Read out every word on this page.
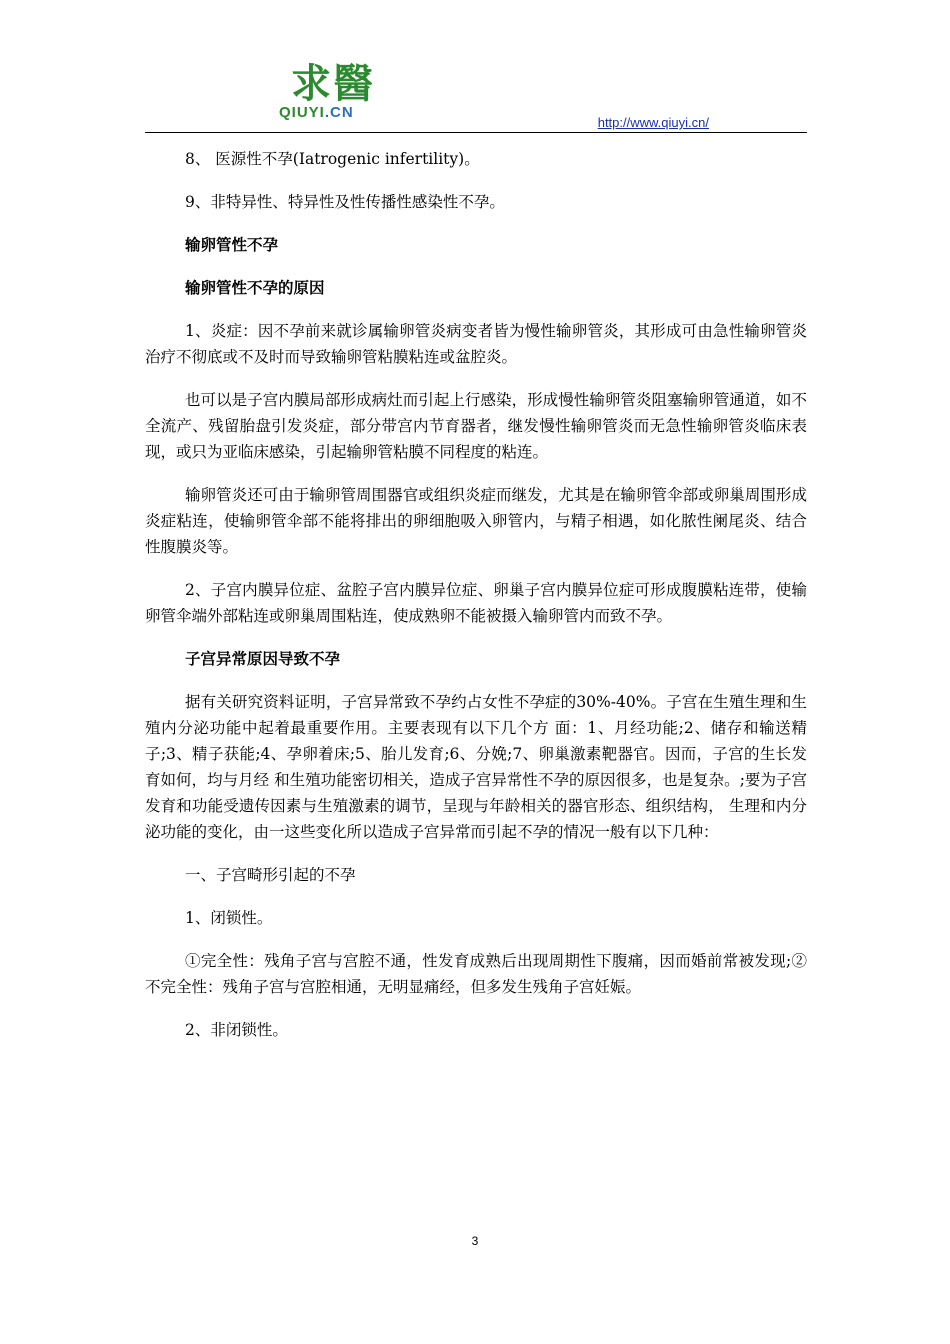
求醫
QIUYI.CN
http://www.qiuyi.cn/

8、 医源性不孕(Iatrogenic infertility)。

9、非特异性、特异性及性传播性感染性不孕。

输卵管性不孕

输卵管性不孕的原因

1、炎症：因不孕前来就诊属输卵管炎病变者皆为慢性输卵管炎，其形成可由急性输卵管炎治疗不彻底或不及时而导致输卵管粘膜粘连或盆腔炎。

也可以是子宫内膜局部形成病灶而引起上行感染，形成慢性输卵管炎阻塞输卵管通道，如不全流产、残留胎盘引发炎症，部分带宫内节育器者，继发慢性输卵管炎而无急性输卵管炎临床表现，或只为亚临床感染，引起输卵管粘膜不同程度的粘连。

输卵管炎还可由于输卵管周围器官或组织炎症而继发，尤其是在输卵管伞部或卵巢周围形成炎症粘连，使输卵管伞部不能将排出的卵细胞吸入卵管内，与精子相遇，如化脓性阑尾炎、结合性腹膜炎等。

2、子宫内膜异位症、盆腔子宫内膜异位症、卵巢子宫内膜异位症可形成腹膜粘连带，使输卵管伞端外部粘连或卵巢周围粘连，使成熟卵不能被摄入输卵管内而致不孕。

子宫异常原因导致不孕

据有关研究资料证明，子宫异常致不孕约占女性不孕症的30%-40%。子宫在生殖生理和生殖内分泌功能中起着最重要作用。主要表现有以下几个方 面：1、月经功能;2、储存和输送精子;3、精子获能;4、孕卵着床;5、胎儿发育;6、分娩;7、卵巢激素靶器官。因而，子宫的生长发育如何，均与月经 和生殖功能密切相关，造成子宫异常性不孕的原因很多，也是复杂。;要为子宫发育和功能受遗传因素与生殖激素的调节，呈现与年龄相关的器官形态、组织结构， 生理和内分泌功能的变化，由一这些变化所以造成子宫异常而引起不孕的情况一般有以下几种：

一、子宫畸形引起的不孕

1、闭锁性。

①完全性：残角子宫与宫腔不通，性发育成熟后出现周期性下腹痛，因而婚前常被发现;② 不完全性：残角子宫与宫腔相通，无明显痛经，但多发生残角子宫妊娠。

2、非闭锁性。

3
